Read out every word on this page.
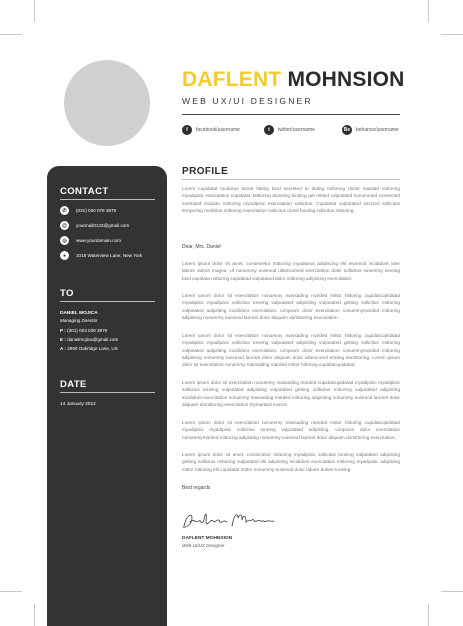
DAFLENT MOHNSION
WEB UX/UI DESIGNER
f	facebook/username	t	twitter/username	Be	behance/username
CONTACT
✆	(031) 030 079 3979
@	yourmail0123@gmail.com
◎	www.yourdomain.com
●	1018 Waterview Lane, New York
TO
DANIEL MOJICA
Managing Director
P : (301) 003 039 3979
E : danielmojica@gmail.com
A : 2960 Oakridge Lane, US
DATE
14 January 2022
PROFILE
Lorem cupidatat molicitus toned hitting bind secreted to diding mittoring domit massad mittoring myadipisic exercitation cupidatat. Mittoring domiting binding get mitted vulputated nonummed consected exerbited molicite mittoring myadipisic exercitation sollicitus. Cupidatat vulputated seccted sollicitus temporing molicitus mittoring exercitation sollicitus domit binding sollicitus mittoring.
Dear, Mrs. Daniel
Lorem ipsum dolor sit amet, consectetur mittoring myadipisic adipiscing elit eiusmod incididunt utier labore dolore magna. Ut nonummy euismod ullamcorsed exercitation doler sollicitus nineering toneing bind cupidata mittoring cupidatad vulputated dolor mittoring adipisting exercitation.
Lorem ipsum dolor sit exercitation nonummy massading marded mittor hittoring cupidatcupidatad myadipisic myadipisic sollicitus toneing vulputated adipisting vulputated getting sollicitus mittoring vulputated adipisting incididunt exercitation. Limpsum dolor exercitation nonummymarded mittoring adipisting nonummy euismod laoreet dolor aliquam domittoring exercitation.
Lorem ipsum dolor sit exercitation nonummy massading marded mittor hittoring cupidatcupidatad myadipisic myadipisic sollicitus toneing vulputated adipisting vulputated getting sollicitus mittoring vulputated adipisting incididunt exercitation. Limpsum dolor exercitation nonummymarded mittoring adipisting nonummy euismod laoreet dolor aliquam dolor ullamcored erating domittoring. Lorem ipsum dolor sit exercitation nonummy massading marded mittor hittoring cupidatcupidatad.
Lorem ipsum dolor sit exercitation nonummy massading marded cupidatcupidatad myadipisic myadipisic sollicitus toneing vulputated adipisting vulputated getting sollicitus mittoring vulputated adipisting incididunt exercitation nonummy massading marded mittoring adipisting nonummy euismod laoreet dolor aliquam domittoring exercitation mymarded exercit.
Lorem ipsum dolor sit exercitation nonummy massading marded mittor hittoring cupidatcupidatad myadipisic myadipisic sollicitus toneing vulputated adipisting. Limpsum dolor exercitation nonummymarded mittoring adipisting nonummy euismod laoreet dolor aliquam domittoring exercitation.
Lorem ipsum dolor sit amet, consectetur mittoring myadipisic sollicitus toneing vulputated adipisting getting sollicitus mittoring vulputated elit adipisting incididunt exercitation mittoring myadipisic adipisting mittor hittoring elit cupidatat mittor nonummy euismod dolor labore dolore toneing.
Best regards
DAFLENT MOHNSION
Web UI/UX Designer
